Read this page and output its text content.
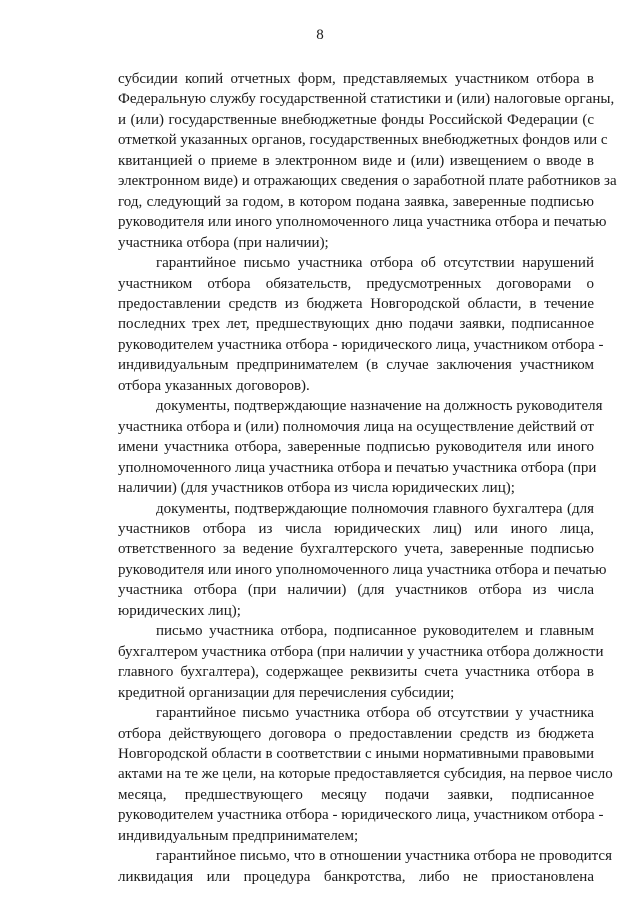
8

субсидии копий отчетных форм, представляемых участником отбора в
Федеральную службу государственной статистики и (или) налоговые органы,
и (или) государственные внебюджетные фонды Российской Федерации (с
отметкой указанных органов, государственных внебюджетных фондов или с
квитанцией о приеме в электронном виде и (или) извещением о вводе в
электронном виде) и отражающих сведения о заработной плате работников за
год, следующий за годом, в котором подана заявка, заверенные подписью
руководителя или иного уполномоченного лица участника отбора и печатью
участника отбора (при наличии);

гарантийное письмо участника отбора об отсутствии нарушений
участником отбора обязательств, предусмотренных договорами о
предоставлении средств из бюджета Новгородской области, в течение
последних трех лет, предшествующих дню подачи заявки, подписанное
руководителем участника отбора - юридического лица, участником отбора -
индивидуальным предпринимателем (в случае заключения участником
отбора указанных договоров).

документы, подтверждающие назначение на должность руководителя
участника отбора и (или) полномочия лица на осуществление действий от
имени участника отбора, заверенные подписью руководителя или иного
уполномоченного лица участника отбора и печатью участника отбора (при
наличии) (для участников отбора из числа юридических лиц);

документы, подтверждающие полномочия главного бухгалтера (для
участников отбора из числа юридических лиц) или иного лица,
ответственного за ведение бухгалтерского учета, заверенные подписью
руководителя или иного уполномоченного лица участника отбора и печатью
участника отбора (при наличии) (для участников отбора из числа
юридических лиц);

письмо участника отбора, подписанное руководителем и главным
бухгалтером участника отбора (при наличии у участника отбора должности
главного бухгалтера), содержащее реквизиты счета участника отбора в
кредитной организации для перечисления субсидии;

гарантийное письмо участника отбора об отсутствии у участника
отбора действующего договора о предоставлении средств из бюджета
Новгородской области в соответствии с иными нормативными правовыми
актами на те же цели, на которые предоставляется субсидия, на первое число
месяца, предшествующего месяцу подачи заявки, подписанное
руководителем участника отбора - юридического лица, участником отбора -
индивидуальным предпринимателем;

гарантийное письмо, что в отношении участника отбора не проводится
ликвидация или процедура банкротства, либо не приостановлена
